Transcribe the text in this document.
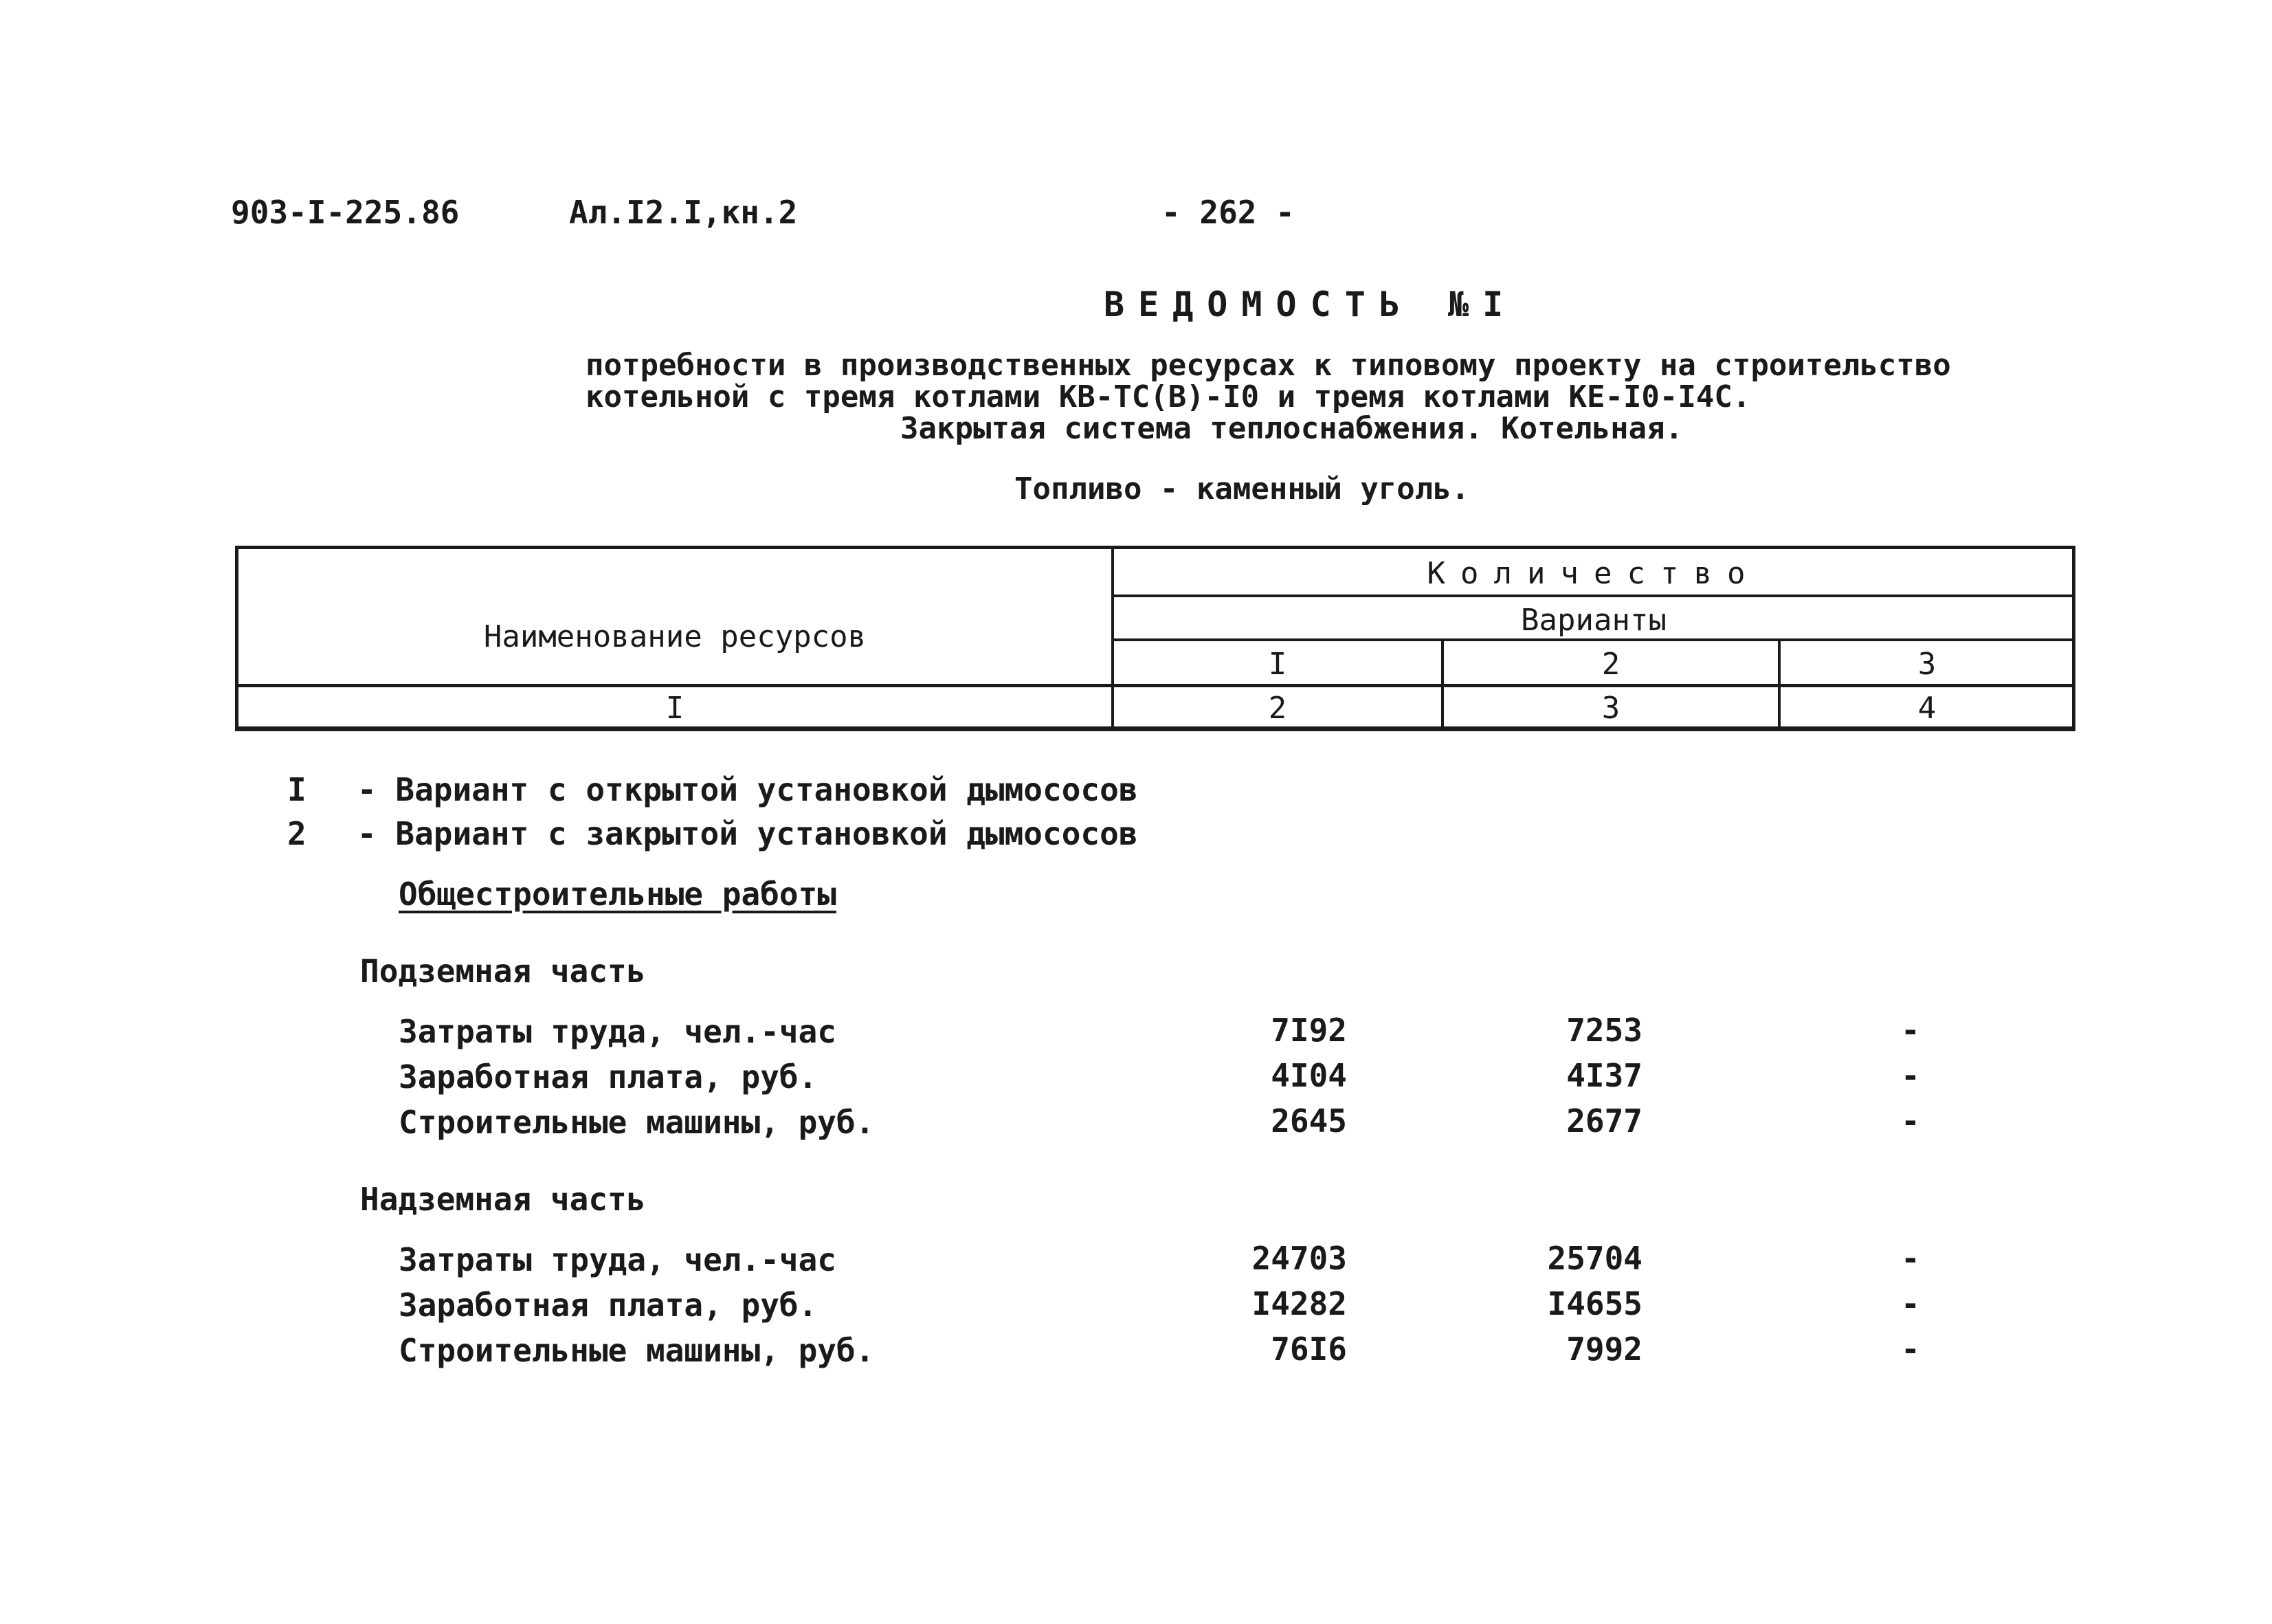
903-I-225.86	Ал.I2.I,кн.2	- 262 -
ВЕДОМОСТЬ №I
потребности в производственных ресурсах к типовому проекту на строительство
котельной с тремя котлами КВ-ТС(В)-I0 и тремя котлами КЕ-I0-I4С.
Закрытая система теплоснабжения. Котельная.
Топливо - каменный уголь.
Наименование ресурсов
Количество
Варианты
I	2	3
I	2	3	4
I - Вариант с открытой установкой дымососов
2 - Вариант с закрытой установкой дымососов
Общестроительные работы
Подземная часть
Затраты труда, чел.-час	7I92	7253	-
Заработная плата, руб.	4I04	4I37	-
Строительные машины, руб.	2645	2677	-
Надземная часть
Затраты труда, чел.-час	24703	25704	-
Заработная плата, руб.	I4282	I4655	-
Строительные машины, руб.	76I6	7992	-
